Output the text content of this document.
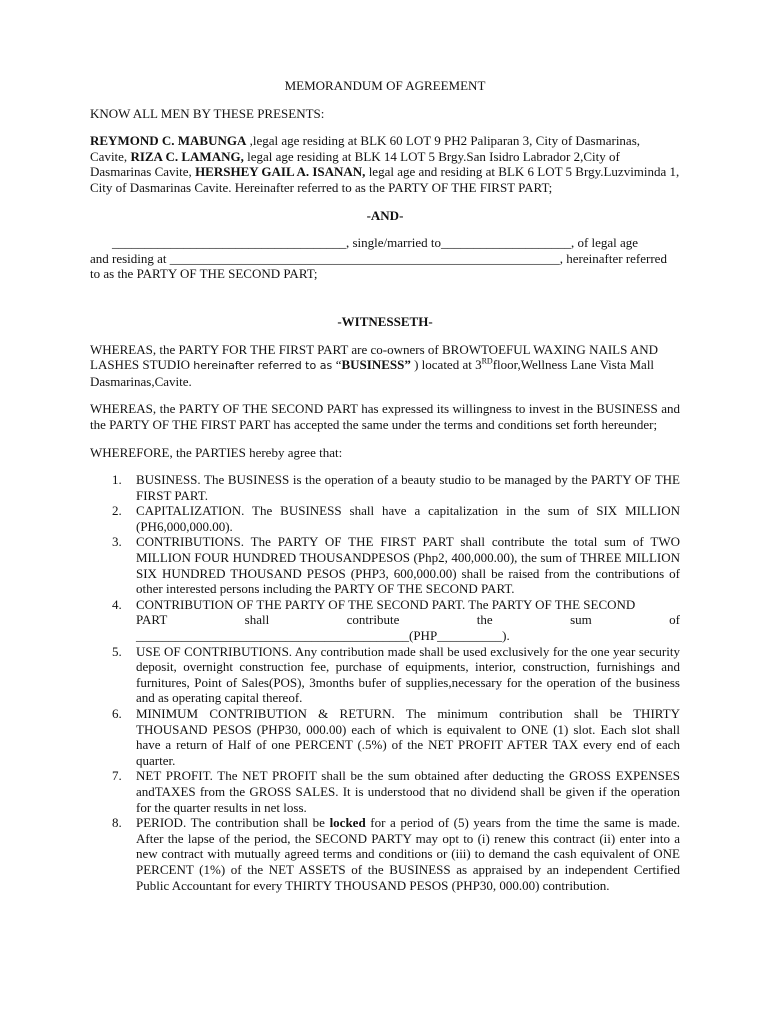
MEMORANDUM OF AGREEMENT

KNOW ALL MEN BY THESE PRESENTS:

REYMOND C. MABUNGA ,legal age residing at BLK 60 LOT 9 PH2 Paliparan 3, City of Dasmarinas, Cavite, RIZA C. LAMANG, legal age residing at BLK 14 LOT 5 Brgy.San Isidro Labrador 2,City of Dasmarinas Cavite, HERSHEY GAIL A. ISANAN, legal age and residing at BLK 6 LOT 5 Brgy.Luzviminda 1, City of Dasmarinas Cavite. Hereinafter referred to as the PARTY OF THE FIRST PART;

-AND-

____________________________________, single/married to____________________, of legal age

and residing at ____________________________________________________________, hereinafter referred

to as the PARTY OF THE SECOND PART;

-WITNESSETH-

WHEREAS, the PARTY FOR THE FIRST PART are co-owners of BROWTOEFUL WAXING NAILS AND LASHES STUDIO hereinafter referred to as “BUSINESS” ) located at 3RDfloor,Wellness Lane Vista Mall Dasmarinas,Cavite.

WHEREAS, the PARTY OF THE SECOND PART has expressed its willingness to invest in the BUSINESS and the PARTY OF THE FIRST PART has accepted the same under the terms and conditions set forth hereunder;

WHEREFORE, the PARTIES hereby agree that:

1. BUSINESS. The BUSINESS is the operation of a beauty studio to be managed by the PARTY OF THE FIRST PART.
2. CAPITALIZATION. The BUSINESS shall have a capitalization in the sum of SIX MILLION (PH6,000,000.00).
3. CONTRIBUTIONS. The PARTY OF THE FIRST PART shall contribute the total sum of TWO MILLION FOUR HUNDRED THOUSANDPESOS (Php2, 400,000.00), the sum of THREE MILLION SIX HUNDRED THOUSAND PESOS (PHP3, 600,000.00) shall be raised from the contributions of other interested persons including the PARTY OF THE SECOND PART.
4. CONTRIBUTION OF THE PARTY OF THE SECOND PART. The PARTY OF THE SECOND
PART	shall	contribute	the	sum	of
__________________________________________(PHP__________).
5. USE OF CONTRIBUTIONS. Any contribution made shall be used exclusively for the one year security deposit, overnight construction fee, purchase of equipments, interior, construction, furnishings and furnitures, Point of Sales(POS), 3months bufer of supplies,necessary for the operation of the business and as operating capital thereof.
6. MINIMUM CONTRIBUTION & RETURN. The minimum contribution shall be THIRTY THOUSAND PESOS (PHP30, 000.00) each of which is equivalent to ONE (1) slot. Each slot shall have a return of Half of one PERCENT (.5%) of the NET PROFIT AFTER TAX every end of each quarter.
7. NET PROFIT. The NET PROFIT shall be the sum obtained after deducting the GROSS EXPENSES andTAXES from the GROSS SALES. It is understood that no dividend shall be given if the operation for the quarter results in net loss.
8. PERIOD. The contribution shall be locked for a period of (5) years from the time the same is made. After the lapse of the period, the SECOND PARTY may opt to (i) renew this contract (ii) enter into a new contract with mutually agreed terms and conditions or (iii) to demand the cash equivalent of ONE PERCENT (1%) of the NET ASSETS of the BUSINESS as appraised by an independent Certified Public Accountant for every THIRTY THOUSAND PESOS (PHP30, 000.00) contribution.
